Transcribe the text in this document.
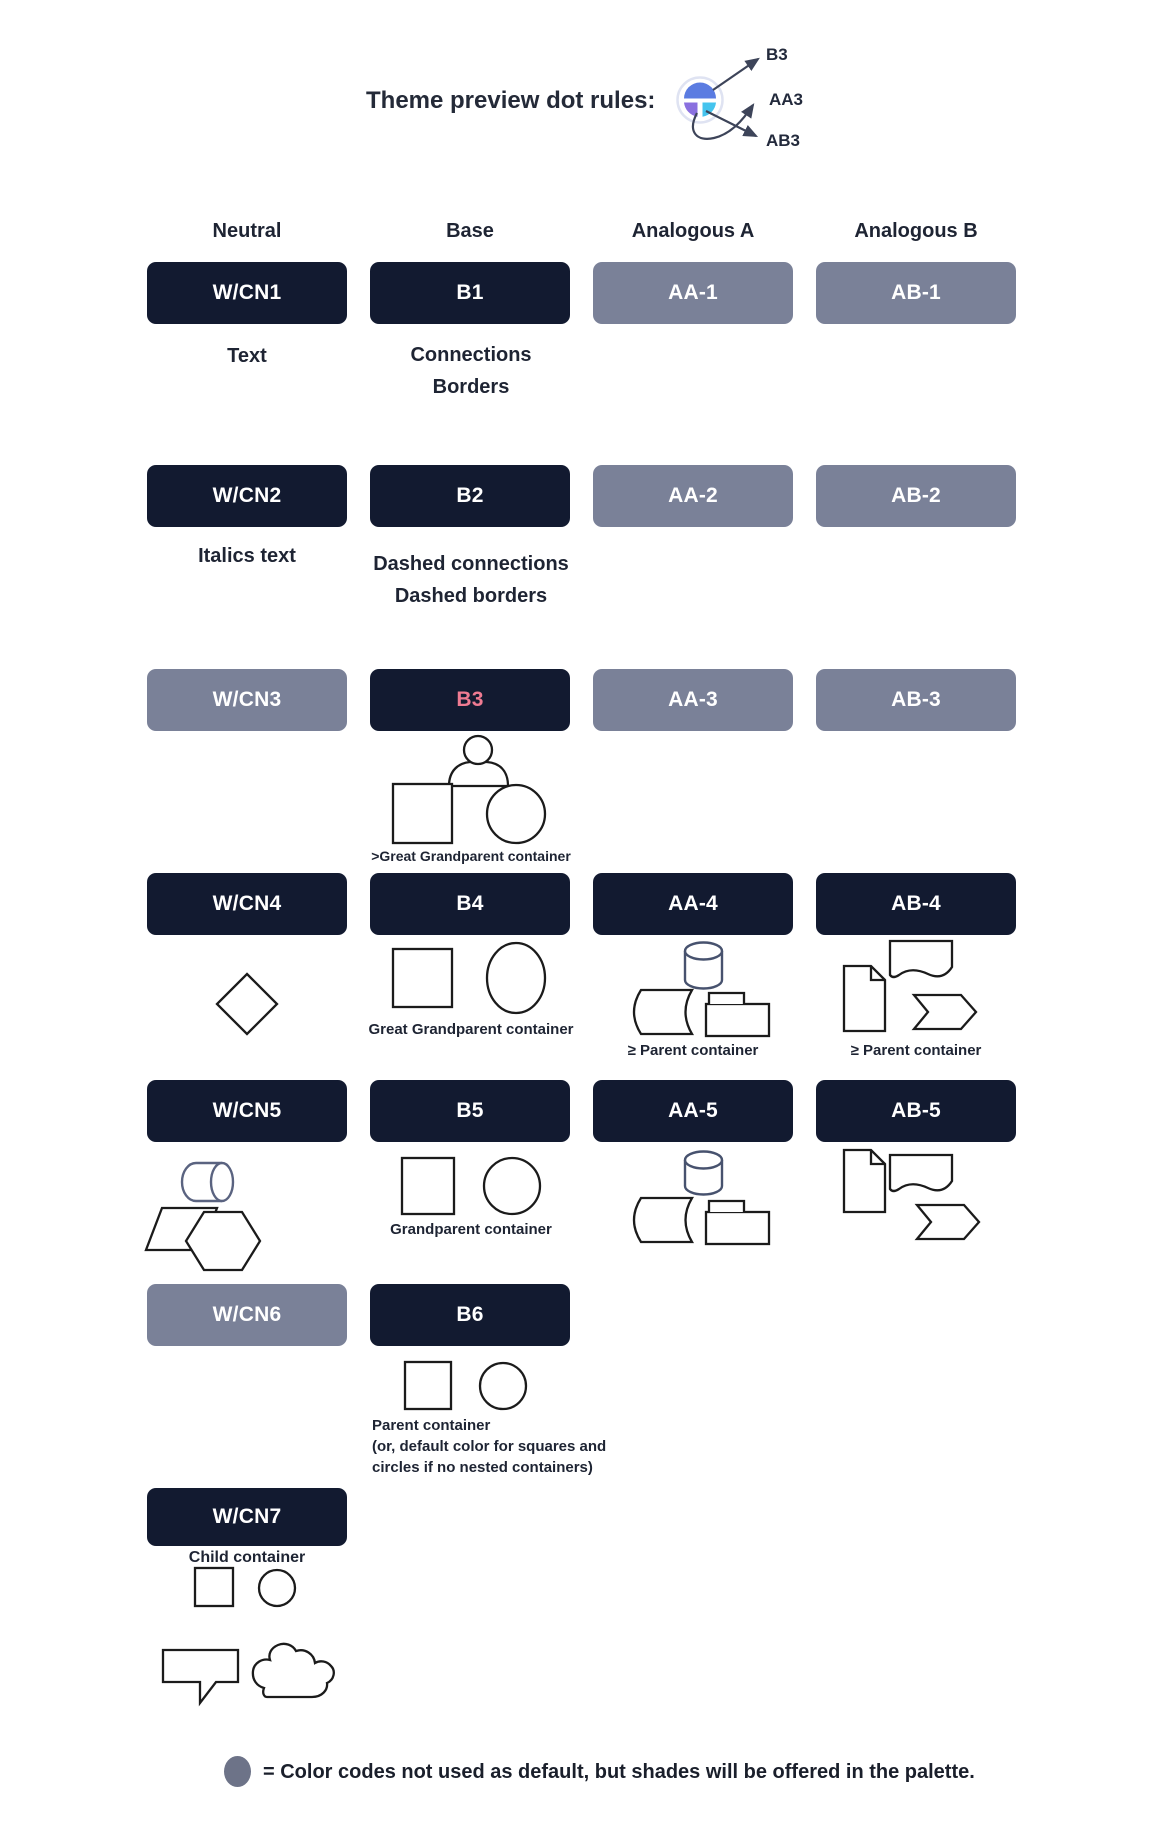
Theme preview dot rules:
B3
AA3
AB3
Neutral	Base	Analogous A	Analogous B
W/CN1	B1	AA-1	AB-1
W/CN2	B2	AA-2	AB-2
W/CN3	B3	AA-3	AB-3
W/CN4	B4	AA-4	AB-4
W/CN5	B5	AA-5	AB-5
W/CN6	B6
W/CN7
Text	Connections
Borders
Italics text	Dashed connections
Dashed borders
>Great Grandparent container
Great Grandparent container
≥ Parent container	≥ Parent container
Grandparent container
Parent container
(or, default color for squares and
circles if no nested containers)
Child container
= Color codes not used as default, but shades will be offered in the palette.
